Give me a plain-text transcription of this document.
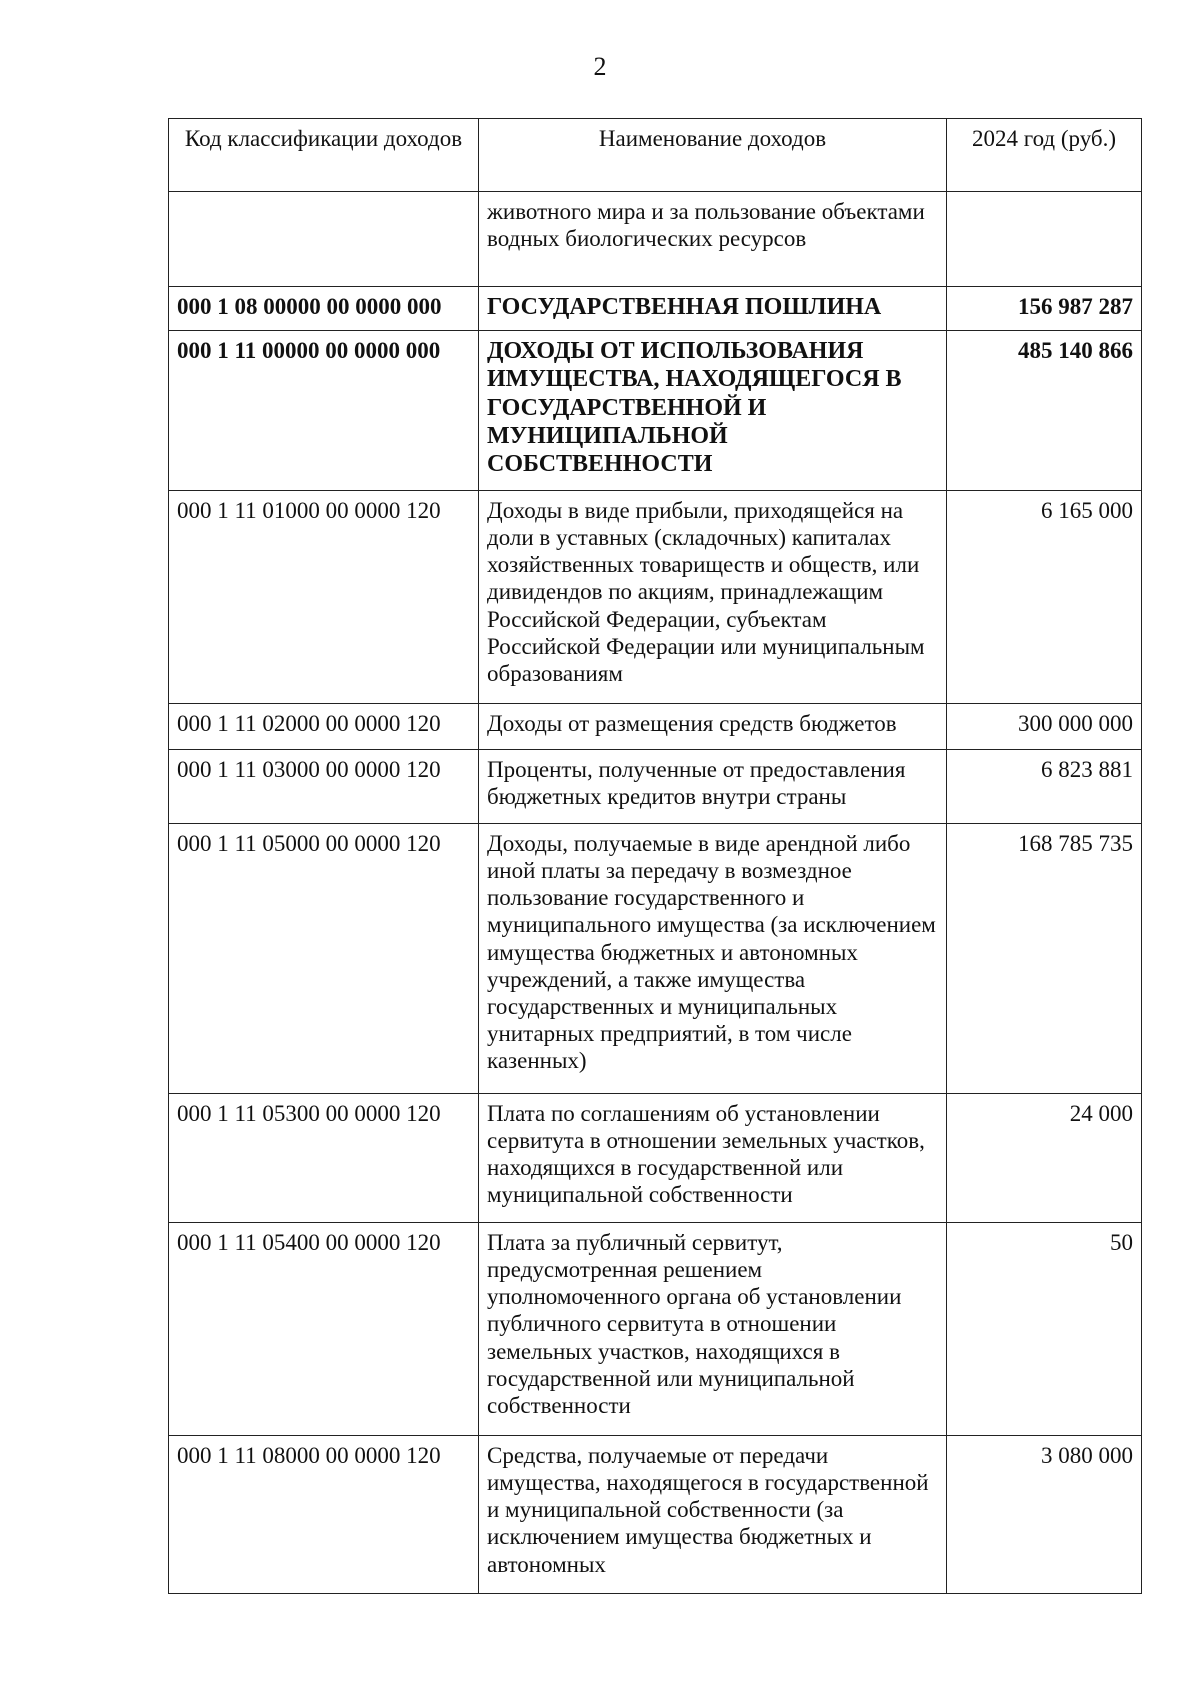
2
Код классификации доходов	Наименование доходов	2024 год (руб.)
	животного мира и за пользование объектами водных биологических ресурсов	
000 1 08 00000 00 0000 000	ГОСУДАРСТВЕННАЯ ПОШЛИНА	156 987 287
000 1 11 00000 00 0000 000	ДОХОДЫ ОТ ИСПОЛЬЗОВАНИЯ ИМУЩЕСТВА, НАХОДЯЩЕГОСЯ В ГОСУДАРСТВЕННОЙ И МУНИЦИПАЛЬНОЙ СОБСТВЕННОСТИ	485 140 866
000 1 11 01000 00 0000 120	Доходы в виде прибыли, приходящейся на доли в уставных (складочных) капиталах хозяйственных товариществ и обществ, или дивидендов по акциям, принадлежащим Российской Федерации, субъектам Российской Федерации или муниципальным образованиям	6 165 000
000 1 11 02000 00 0000 120	Доходы от размещения средств бюджетов	300 000 000
000 1 11 03000 00 0000 120	Проценты, полученные от предоставления бюджетных кредитов внутри страны	6 823 881
000 1 11 05000 00 0000 120	Доходы, получаемые в виде арендной либо иной платы за передачу в возмездное пользование государственного и муниципального имущества (за исключением имущества бюджетных и автономных учреждений, а также имущества государственных и муниципальных унитарных предприятий, в том числе казенных)	168 785 735
000 1 11 05300 00 0000 120	Плата по соглашениям об установлении сервитута в отношении земельных участков, находящихся в государственной или муниципальной собственности	24 000
000 1 11 05400 00 0000 120	Плата за публичный сервитут, предусмотренная решением уполномоченного органа об установлении публичного сервитута в отношении земельных участков, находящихся в государственной или муниципальной собственности	50
000 1 11 08000 00 0000 120	Средства, получаемые от передачи имущества, находящегося в государственной и муниципальной собственности (за исключением имущества бюджетных и автономных	3 080 000
